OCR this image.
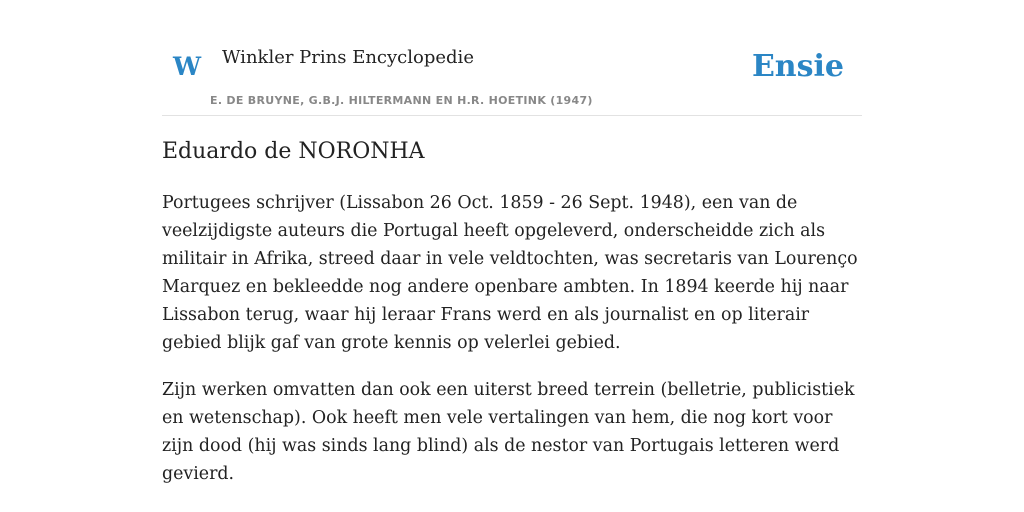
W Winkler Prins Encyclopedie
E. DE BRUYNE, G.B.J. HILTERMANN EN H.R. HOETINK (1947)
Ensie
Eduardo de NORONHA

Portugees schrijver (Lissabon 26 Oct. 1859 - 26 Sept. 1948), een van de veelzijdigste auteurs die Portugal heeft opgeleverd, onderscheidde zich als militair in Afrika, streed daar in vele veldtochten, was secretaris van Lourenço Marquez en bekleedde nog andere openbare ambten. In 1894 keerde hij naar Lissabon terug, waar hij leraar Frans werd en als journalist en op literair gebied blijk gaf van grote kennis op velerlei gebied.

Zijn werken omvatten dan ook een uiterst breed terrein (belletrie, publicistiek en wetenschap). Ook heeft men vele vertalingen van hem, die nog kort voor zijn dood (hij was sinds lang blind) als de nestor van Portugais letteren werd gevierd.
